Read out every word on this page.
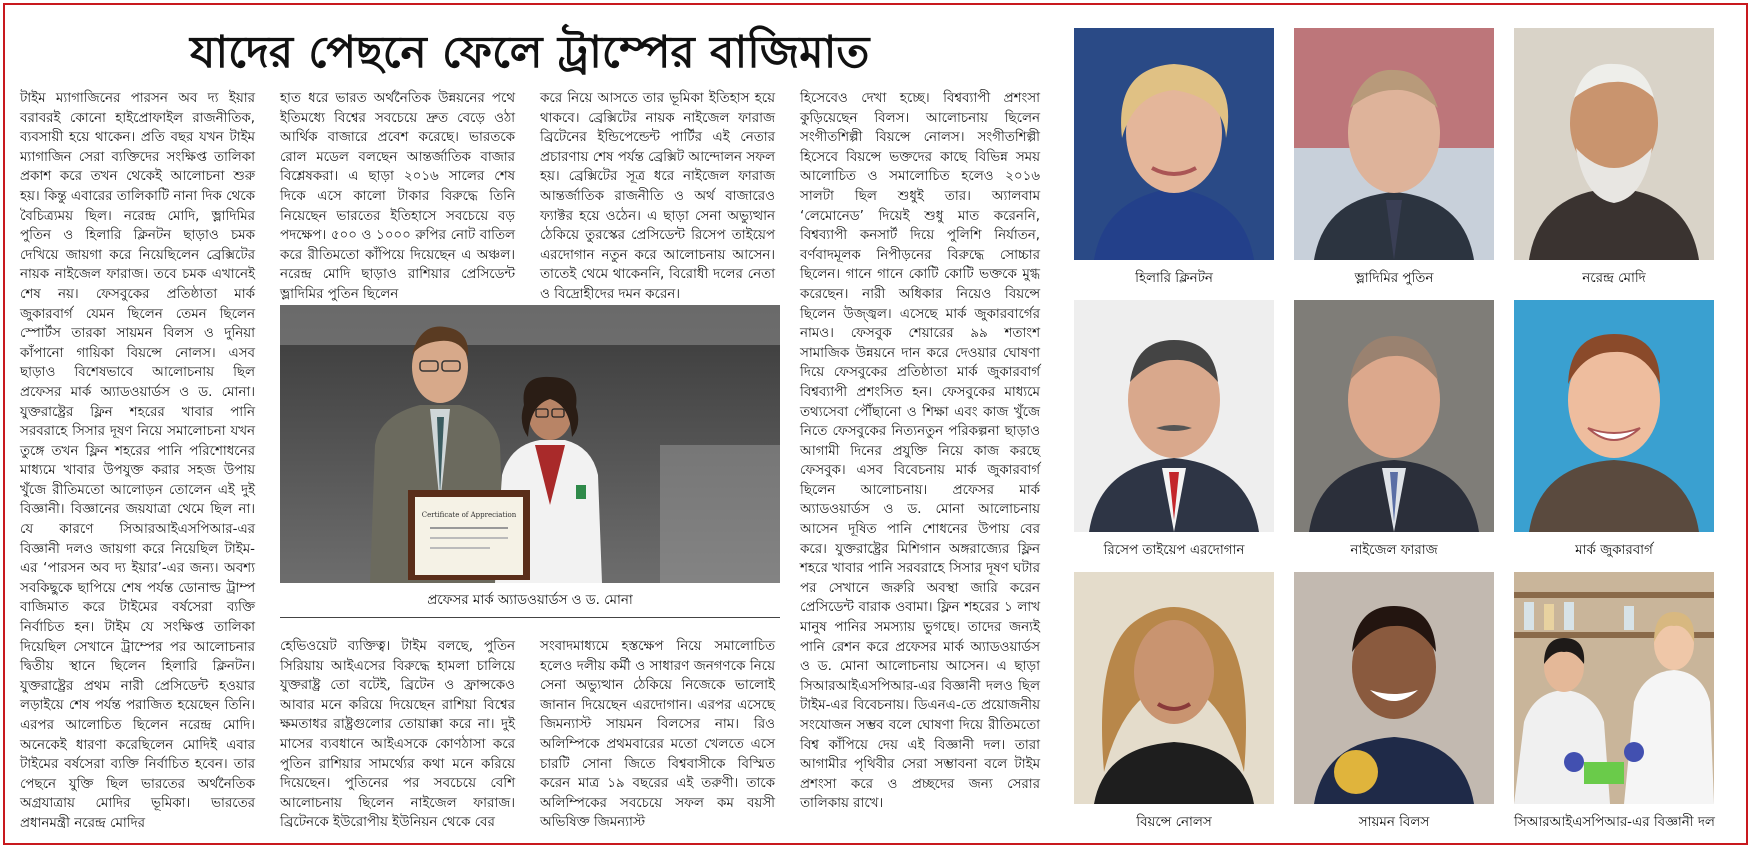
যাদের পেছনে ফেলে ট্রাম্পের বাজিমাত
টাইম ম্যাগাজিনের পারসন অব দ্য ইয়ার বরাবরই কোনো হাইপ্রোফাইল রাজনীতিক, ব্যবসায়ী হয়ে থাকেন। প্রতি বছর যখন টাইম ম্যাগাজিন সেরা ব্যক্তিদের সংক্ষিপ্ত তালিকা প্রকাশ করে তখন থেকেই আলোচনা শুরু হয়। কিন্তু এবারের তালিকাটি নানা দিক থেকে বৈচিত্র্যময় ছিল। নরেন্দ্র মোদি, ভ্লাদিমির পুতিন ও হিলারি ক্লিনটন ছাড়াও চমক দেখিয়ে জায়গা করে নিয়েছিলেন ব্রেক্সিটের নায়ক নাইজেল ফারাজ। তবে চমক এখানেই শেষ নয়। ফেসবুকের প্রতিষ্ঠাতা মার্ক জুকারবার্গ যেমন ছিলেন তেমন ছিলেন স্পোর্টস তারকা সায়মন বিলস ও দুনিয়া কাঁপানো গায়িকা বিয়ন্সে নোলস। এসব ছাড়াও বিশেষভাবে আলোচনায় ছিল প্রফেসর মার্ক অ্যাডওয়ার্ডস ও ড. মোনা। যুক্তরাষ্ট্রের ফ্লিন শহরের খাবার পানি সরবরাহে সিসার দূষণ নিয়ে সমালোচনা যখন তুঙ্গে তখন ফ্লিন শহরের পানি পরিশোধনের মাধ্যমে খাবার উপযুক্ত করার সহজ উপায় খুঁজে রীতিমতো আলোড়ন তোলেন এই দুই বিজ্ঞানী। বিজ্ঞানের জয়যাত্রা থেমে ছিল না। যে কারণে সিআরআইএসপিআর-এর বিজ্ঞানী দলও জায়গা করে নিয়েছিল টাইম-এর ‘পারসন অব দ্য ইয়ার’-এর জন্য। অবশ্য সবকিছুকে ছাপিয়ে শেষ পর্যন্ত ডোনাল্ড ট্রাম্প বাজিমাত করে টাইমের বর্ষসেরা ব্যক্তি নির্বাচিত হন। টাইম যে সংক্ষিপ্ত তালিকা দিয়েছিল সেখানে ট্রাম্পের পর আলোচনার দ্বিতীয় স্থানে ছিলেন হিলারি ক্লিনটন। যুক্তরাষ্ট্রের প্রথম নারী প্রেসিডেন্ট হওয়ার লড়াইয়ে শেষ পর্যন্ত পরাজিত হয়েছেন তিনি। এরপর আলোচিত ছিলেন নরেন্দ্র মোদি। অনেকেই ধারণা করেছিলেন মোদিই এবার টাইমের বর্ষসেরা ব্যক্তি নির্বাচিত হবেন। তার পেছনে যুক্তি ছিল ভারতের অর্থনৈতিক অগ্রযাত্রায় মোদির ভূমিকা। ভারতের প্রধানমন্ত্রী নরেন্দ্র মোদির
হাত ধরে ভারত অর্থনৈতিক উন্নয়নের পথে ইতিমধ্যে বিশ্বের সবচেয়ে দ্রুত বেড়ে ওঠা আর্থিক বাজারে প্রবেশ করেছে। ভারতকে রোল মডেল বলছেন আন্তর্জাতিক বাজার বিশ্লেষকরা। এ ছাড়া ২০১৬ সালের শেষ দিকে এসে কালো টাকার বিরুদ্ধে তিনি নিয়েছেন ভারতের ইতিহাসে সবচেয়ে বড় পদক্ষেপ। ৫০০ ও ১০০০ রুপির নোট বাতিল করে রীতিমতো কাঁপিয়ে দিয়েছেন এ অঞ্চল। নরেন্দ্র মোদি ছাড়াও রাশিয়ার প্রেসিডেন্ট ভ্লাদিমির পুতিন ছিলেন
করে নিয়ে আসতে তার ভূমিকা ইতিহাস হয়ে থাকবে। ব্রেক্সিটের নায়ক নাইজেল ফারাজ ব্রিটেনের ইন্ডিপেন্ডেন্ট পার্টির এই নেতার প্রচারণায় শেষ পর্যন্ত ব্রেক্সিট আন্দোলন সফল হয়। ব্রেক্সিটের সূত্র ধরে নাইজেল ফারাজ আন্তর্জাতিক রাজনীতি ও অর্থ বাজারেও ফ্যাক্টর হয়ে ওঠেন। এ ছাড়া সেনা অভ্যুত্থান ঠেকিয়ে তুরস্কের প্রেসিডেন্ট রিসেপ তাইয়েপ এরদোগান নতুন করে আলোচনায় আসেন। তাতেই থেমে থাকেননি, বিরোধী দলের নেতা ও বিদ্রোহীদের দমন করেন।
হিসেবেও দেখা হচ্ছে। বিশ্বব্যাপী প্রশংসা কুড়িয়েছেন বিলস। আলোচনায় ছিলেন সংগীতশিল্পী বিয়ন্সে নোলস। সংগীতশিল্পী হিসেবে বিয়ন্সে ভক্তদের কাছে বিভিন্ন সময় আলোচিত ও সমালোচিত হলেও ২০১৬ সালটা ছিল শুধুই তার। অ্যালবাম ‘লেমোনেড’ দিয়েই শুধু মাত করেননি, বিশ্বব্যাপী কনসার্ট দিয়ে পুলিশি নির্যাতন, বর্ণবাদমূলক নিপীড়নের বিরুদ্ধে সোচ্চার ছিলেন। গানে গানে কোটি কোটি ভক্তকে মুগ্ধ করেছেন। নারী অধিকার নিয়েও বিয়ন্সে ছিলেন উজ্জ্বল। এসেছে মার্ক জুকারবার্গের নামও। ফেসবুক শেয়ারের ৯৯ শতাংশ সামাজিক উন্নয়নে দান করে দেওয়ার ঘোষণা দিয়ে ফেসবুকের প্রতিষ্ঠাতা মার্ক জুকারবার্গ বিশ্বব্যাপী প্রশংসিত হন। ফেসবুকের মাধ্যমে তথ্যসেবা পৌঁছানো ও শিক্ষা এবং কাজ খুঁজে নিতে ফেসবুকের নিত্যনতুন পরিকল্পনা ছাড়াও আগামী দিনের প্রযুক্তি নিয়ে কাজ করছে ফেসবুক। এসব বিবেচনায় মার্ক জুকারবার্গ ছিলেন আলোচনায়। প্রফেসর মার্ক অ্যাডওয়ার্ডস ও ড. মোনা আলোচনায় আসেন দূষিত পানি শোধনের উপায় বের করে। যুক্তরাষ্ট্রের মিশিগান অঙ্গরাজ্যের ফ্লিন শহরে খাবার পানি সরবরাহে সিসার দূষণ ঘটার পর সেখানে জরুরি অবস্থা জারি করেন প্রেসিডেন্ট বারাক ওবামা। ফ্লিন শহরের ১ লাখ মানুষ পানির সমস্যায় ভুগছে। তাদের জন্যই পানি রেশন করে প্রফেসর মার্ক অ্যাডওয়ার্ডস ও ড. মোনা আলোচনায় আসেন। এ ছাড়া সিআরআইএসপিআর-এর বিজ্ঞানী দলও ছিল টাইম-এর বিবেচনায়। ডিএনএ-তে প্রয়োজনীয় সংযোজন সম্ভব বলে ঘোষণা দিয়ে রীতিমতো বিশ্ব কাঁপিয়ে দেয় এই বিজ্ঞানী দল। তারা আগামীর পৃথিবীর সেরা সম্ভাবনা বলে টাইম প্রশংসা করে ও প্রচ্ছদের জন্য সেরার তালিকায় রাখে।
Certificate of Appreciation
প্রফেসর মার্ক অ্যাডওয়ার্ডস ও ড. মোনা
হেভিওয়েট ব্যক্তিত্ব। টাইম বলছে, পুতিন সিরিয়ায় আইএসের বিরুদ্ধে হামলা চালিয়ে যুক্তরাষ্ট্র তো বটেই, ব্রিটেন ও ফ্রান্সকেও আবার মনে করিয়ে দিয়েছেন রাশিয়া বিশ্বের ক্ষমতাধর রাষ্ট্রগুলোর তোয়াক্কা করে না। দুই মাসের ব্যবধানে আইএসকে কোণঠাসা করে পুতিন রাশিয়ার সামর্থ্যের কথা মনে করিয়ে দিয়েছেন। পুতিনের পর সবচেয়ে বেশি আলোচনায় ছিলেন নাইজেল ফারাজ। ব্রিটেনকে ইউরোপীয় ইউনিয়ন থেকে বের
সংবাদমাধ্যমে হস্তক্ষেপ নিয়ে সমালোচিত হলেও দলীয় কর্মী ও সাধারণ জনগণকে নিয়ে সেনা অভ্যুত্থান ঠেকিয়ে নিজেকে ভালোই জানান দিয়েছেন এরদোগান। এরপর এসেছে জিমন্যাস্ট সায়মন বিলসের নাম। রিও অলিম্পিকে প্রথমবারের মতো খেলতে এসে চারটি সোনা জিতে বিশ্ববাসীকে বিস্মিত করেন মাত্র ১৯ বছরের এই তরুণী। তাকে অলিম্পিকের সবচেয়ে সফল কম বয়সী অভিষিক্ত জিমন্যাস্ট
হিলারি ক্লিনটন	ভ্লাদিমির পুতিন	নরেন্দ্র মোদি
রিসেপ তাইয়েপ এরদোগান	নাইজেল ফারাজ	মার্ক জুকারবার্গ
বিয়ন্সে নোলস	সায়মন বিলস	সিআরআইএসপিআর-এর বিজ্ঞানী দল
